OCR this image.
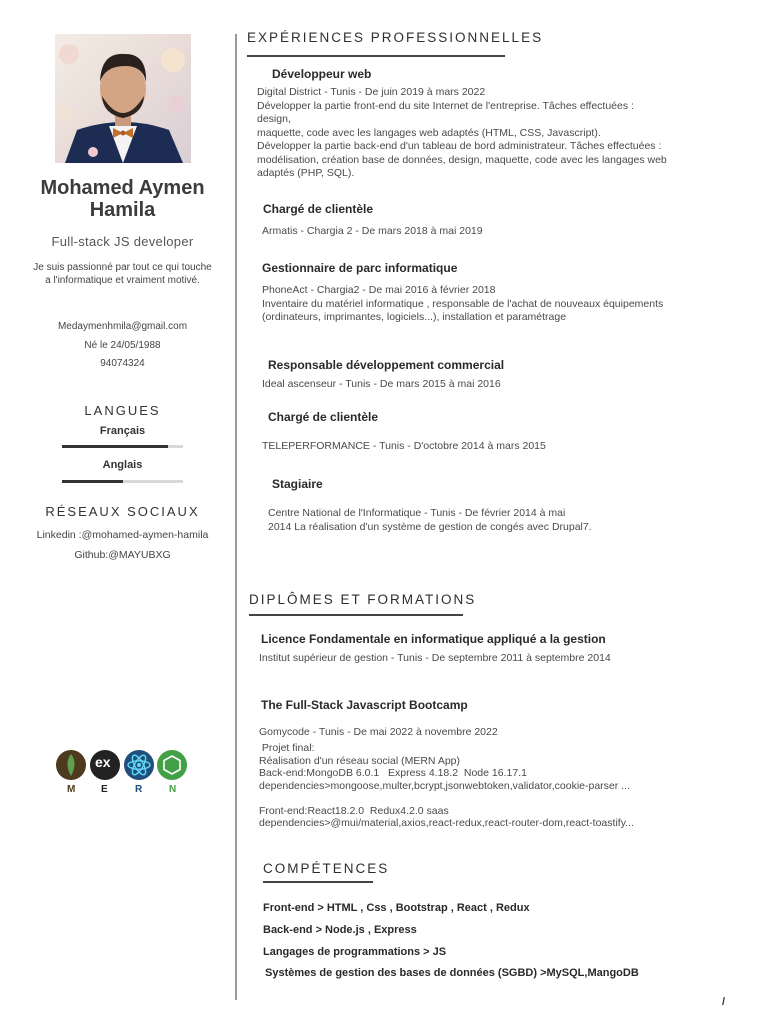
Mohamed Aymen
Hamila
Full-stack JS developer
Je suis passionné par tout ce qui touche a l'informatique et vraiment motivé.
Medaymenhmila@gmail.com
Né le 24/05/1988
94074324
LANGUES
Français
Anglais
RÉSEAUX SOCIAUX
Linkedin :@mohamed-aymen-hamila
Github:@MAYUBXG
ex
M	E	R	N
EXPÉRIENCES PROFESSIONNELLES
Développeur web
Digital District - Tunis - De juin 2019 à mars 2022
Développer la partie front-end du site Internet de l'entreprise. Tâches effectuées :
design,
maquette, code avec les langages web adaptés (HTML, CSS, Javascript).
Développer la partie back-end d'un tableau de bord administrateur. Tâches effectuées :
modélisation, création base de données, design, maquette, code avec les langages web
adaptés (PHP, SQL).
Chargé de clientèle
Armatis - Chargia 2 - De mars 2018 à mai 2019
Gestionnaire de parc informatique
PhoneAct - Chargia2 - De mai 2016 à février 2018
Inventaire du matériel informatique , responsable de l'achat de nouveaux équipements
(ordinateurs, imprimantes, logiciels...), installation et paramétrage
Responsable développement commercial
Ideal ascenseur - Tunis - De mars 2015 à mai 2016
Chargé de clientèle
TELEPERFORMANCE - Tunis - D'octobre 2014 à mars 2015
Stagiaire
Centre National de l'Informatique - Tunis - De février 2014 à mai
2014 La réalisation d'un système de gestion de congés avec Drupal7.
DIPLÔMES ET FORMATIONS
Licence Fondamentale en informatique appliqué a la gestion
Institut supérieur de gestion - Tunis - De septembre 2011 à septembre 2014
The Full-Stack Javascript Bootcamp
Gomycode - Tunis - De mai 2022 à novembre 2022
Projet final:
Réalisation d'un réseau social (MERN App)
Back-end:MongoDB 6.0.1   Express 4.18.2  Node 16.17.1
dependencies>mongoose,multer,bcrypt,jsonwebtoken,validator,cookie-parser ...
Front-end:React18.2.0  Redux4.2.0 saas
dependencies>@mui/material,axios,react-redux,react-router-dom,react-toastify...
COMPÉTENCES
Front-end > HTML , Css , Bootstrap , React , Redux
Back-end > Node.js , Express
Langages de programmations > JS
Systèmes de gestion des bases de données (SGBD) >MySQL,MangoDB
/
